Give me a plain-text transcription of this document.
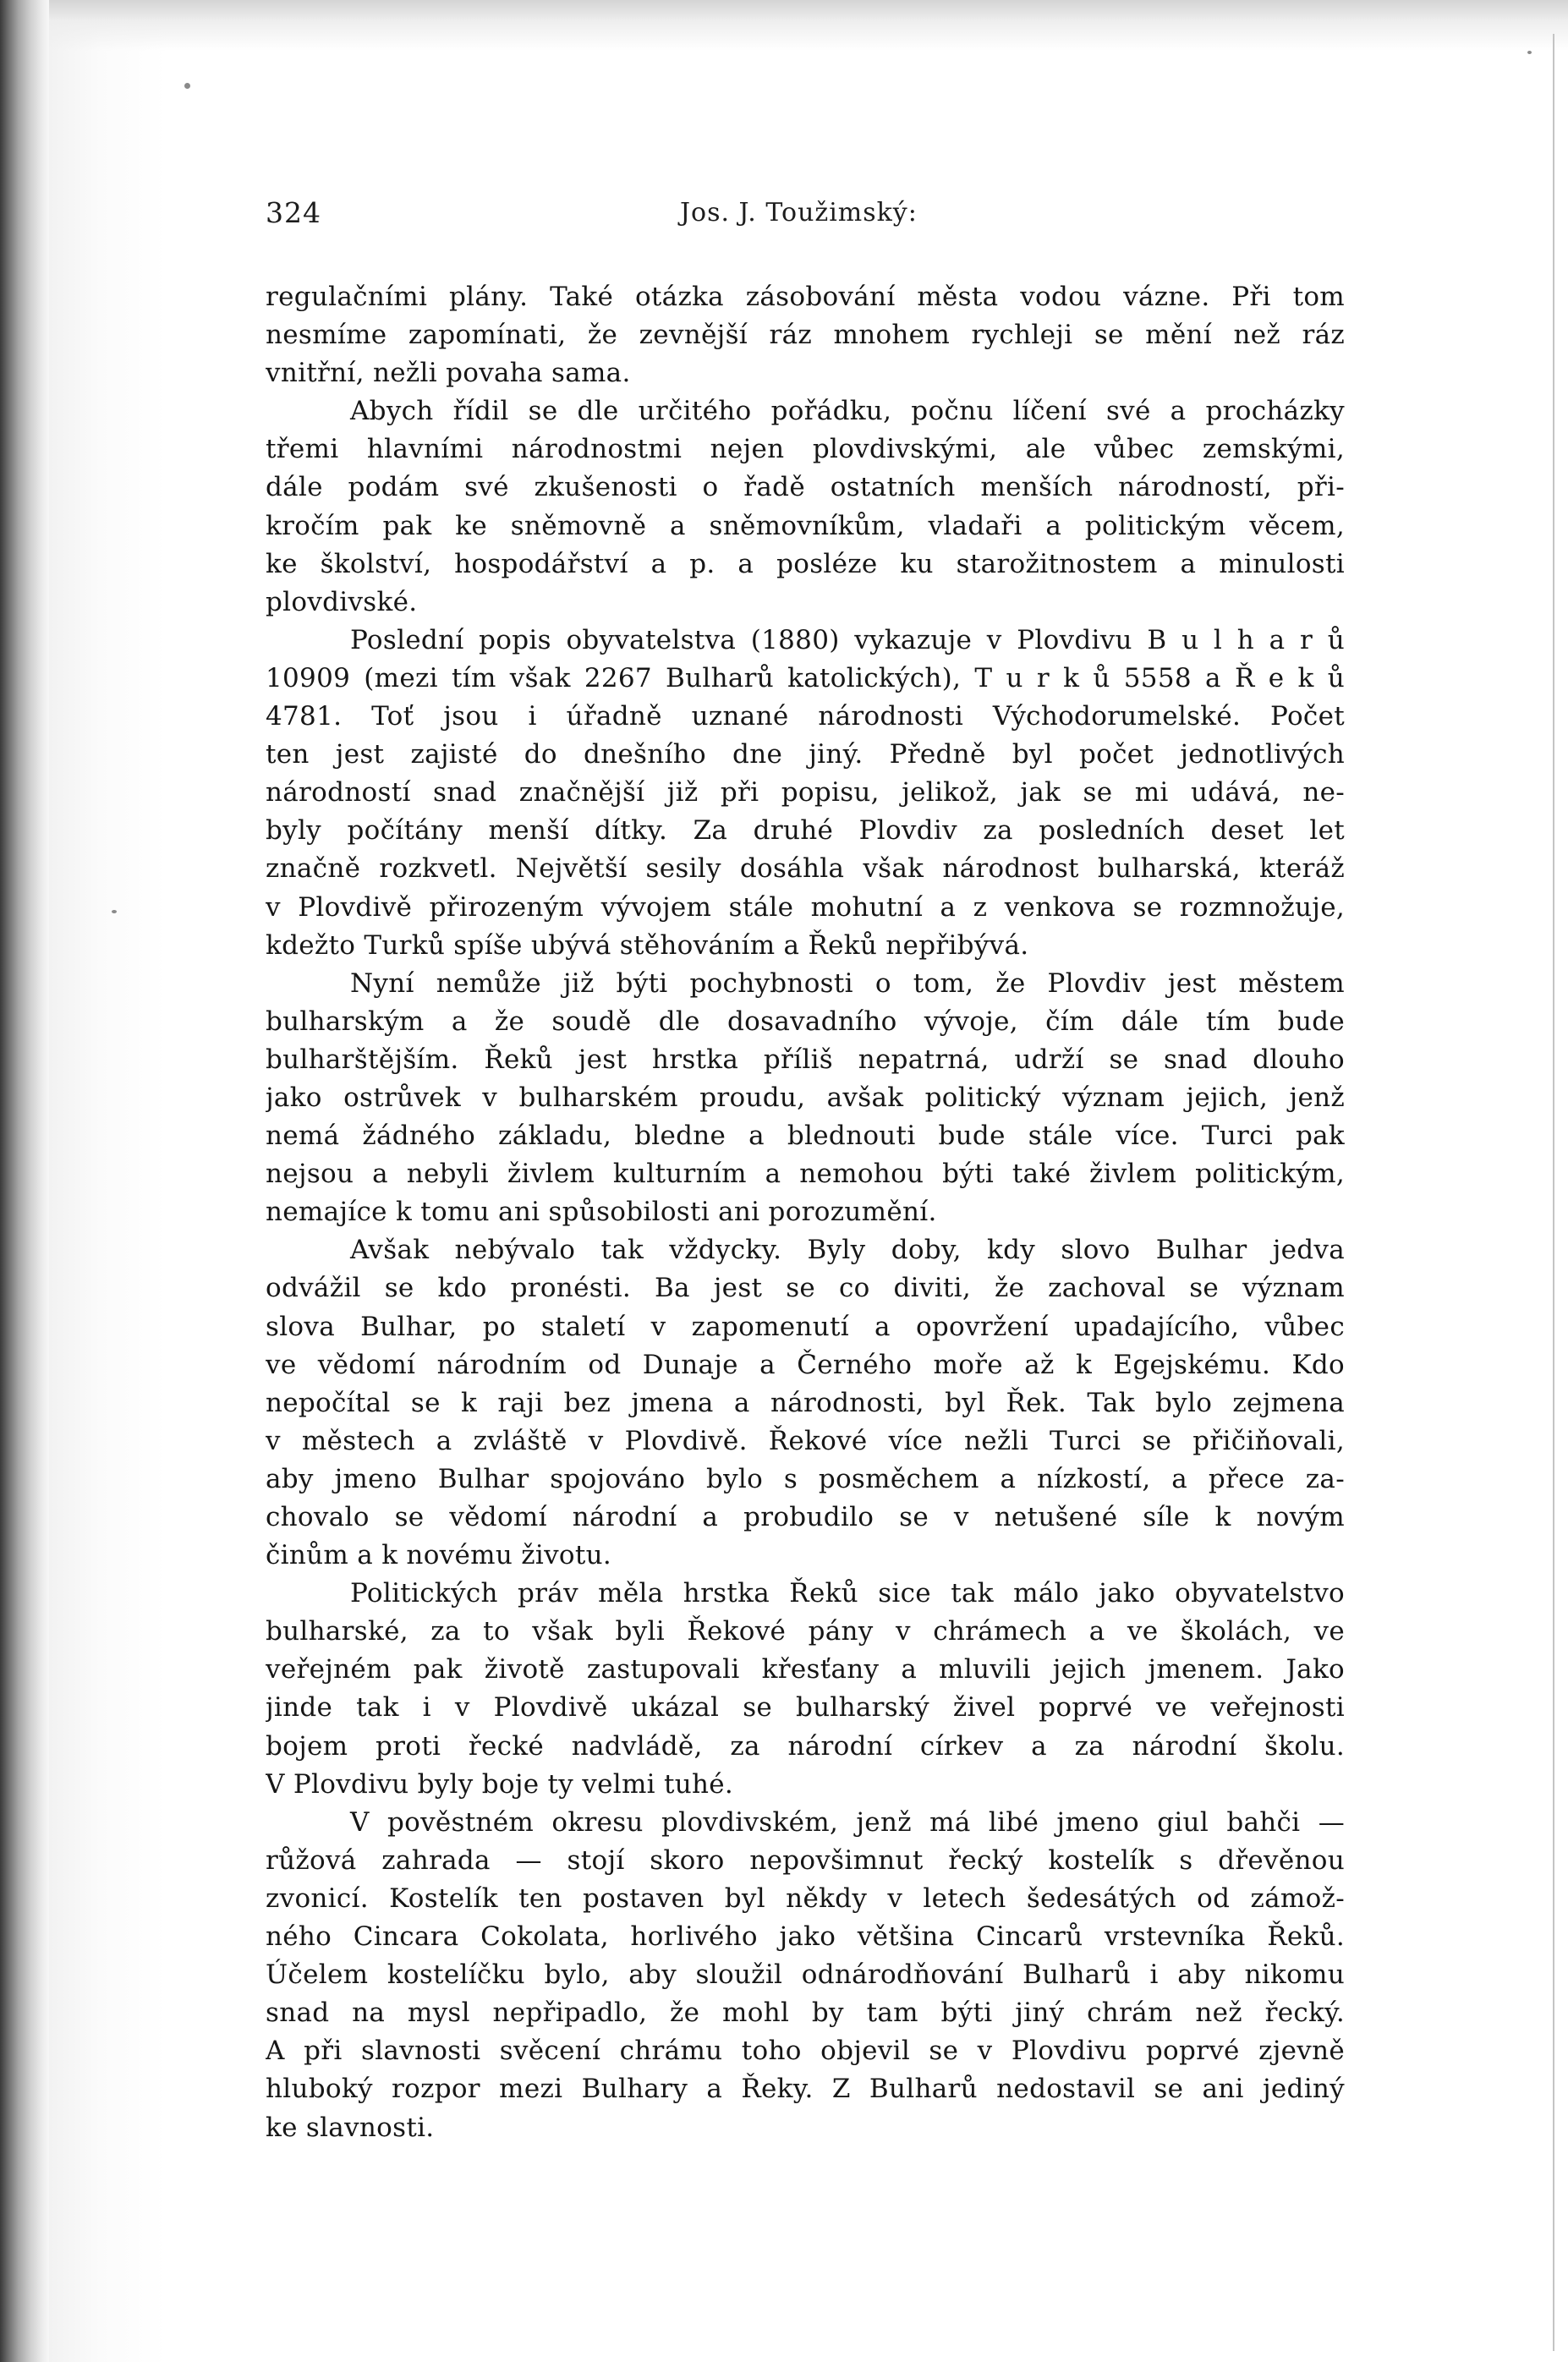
324	Jos. J. Toužimský:
regulačními plány. Také otázka zásobování města vodou vázne. Při tom
nesmíme zapomínati, že zevnější ráz mnohem rychleji se mění než ráz
vnitřní, nežli povaha sama.
Abych řídil se dle určitého pořádku, počnu líčení své a procházky
třemi hlavními národnostmi nejen plovdivskými, ale vůbec zemskými,
dále podám své zkušenosti o řadě ostatních menších národností, při-
kročím pak ke sněmovně a sněmovníkům, vladaři a politickým věcem,
ke školství, hospodářství a p. a posléze ku starožitnostem a minulosti
plovdivské.
Poslední popis obyvatelstva (1880) vykazuje v Plovdivu B u l h a r ů
10909 (mezi tím však 2267 Bulharů katolických), T u r k ů 5558 a Ř e k ů
4781. Toť jsou i úřadně uznané národnosti Východorumelské. Počet
ten jest zajisté do dnešního dne jiný. Předně byl počet jednotlivých
národností snad značnější již při popisu, jelikož, jak se mi udává, ne-
byly počítány menší dítky. Za druhé Plovdiv za posledních deset let
značně rozkvetl. Největší sesily dosáhla však národnost bulharská, kteráž
v Plovdivě přirozeným vývojem stále mohutní a z venkova se rozmnožuje,
kdežto Turků spíše ubývá stěhováním a Řeků nepřibývá.
Nyní nemůže již býti pochybnosti o tom, že Plovdiv jest městem
bulharským a že soudě dle dosavadního vývoje, čím dále tím bude
bulharštějším. Řeků jest hrstka příliš nepatrná, udrží se snad dlouho
jako ostrůvek v bulharském proudu, avšak politický význam jejich, jenž
nemá žádného základu, bledne a blednouti bude stále více. Turci pak
nejsou a nebyli živlem kulturním a nemohou býti také živlem politickým,
nemajíce k tomu ani spůsobilosti ani porozumění.
Avšak nebývalo tak vždycky. Byly doby, kdy slovo Bulhar jedva
odvážil se kdo pronésti. Ba jest se co diviti, že zachoval se význam
slova Bulhar, po staletí v zapomenutí a opovržení upadajícího, vůbec
ve vědomí národním od Dunaje a Černého moře až k Egejskému. Kdo
nepočítal se k raji bez jmena a národnosti, byl Řek. Tak bylo zejmena
v městech a zvláště v Plovdivě. Řekové více nežli Turci se přičiňovali,
aby jmeno Bulhar spojováno bylo s posměchem a nízkostí, a přece za-
chovalo se vědomí národní a probudilo se v netušené síle k novým
činům a k novému životu.
Politických práv měla hrstka Řeků sice tak málo jako obyvatelstvo
bulharské, za to však byli Řekové pány v chrámech a ve školách, ve
veřejném pak životě zastupovali křesťany a mluvili jejich jmenem. Jako
jinde tak i v Plovdivě ukázal se bulharský živel poprvé ve veřejnosti
bojem proti řecké nadvládě, za národní církev a za národní školu.
V Plovdivu byly boje ty velmi tuhé.
V pověstném okresu plovdivském, jenž má libé jmeno giul bahči —
růžová zahrada — stojí skoro nepovšimnut řecký kostelík s dřevěnou
zvonicí. Kostelík ten postaven byl někdy v letech šedesátých od zámož-
ného Cincara Cokolata, horlivého jako většina Cincarů vrstevníka Řeků.
Účelem kostelíčku bylo, aby sloužil odnárodňování Bulharů i aby nikomu
snad na mysl nepřipadlo, že mohl by tam býti jiný chrám než řecký.
A při slavnosti svěcení chrámu toho objevil se v Plovdivu poprvé zjevně
hluboký rozpor mezi Bulhary a Řeky. Z Bulharů nedostavil se ani jediný
ke slavnosti.
